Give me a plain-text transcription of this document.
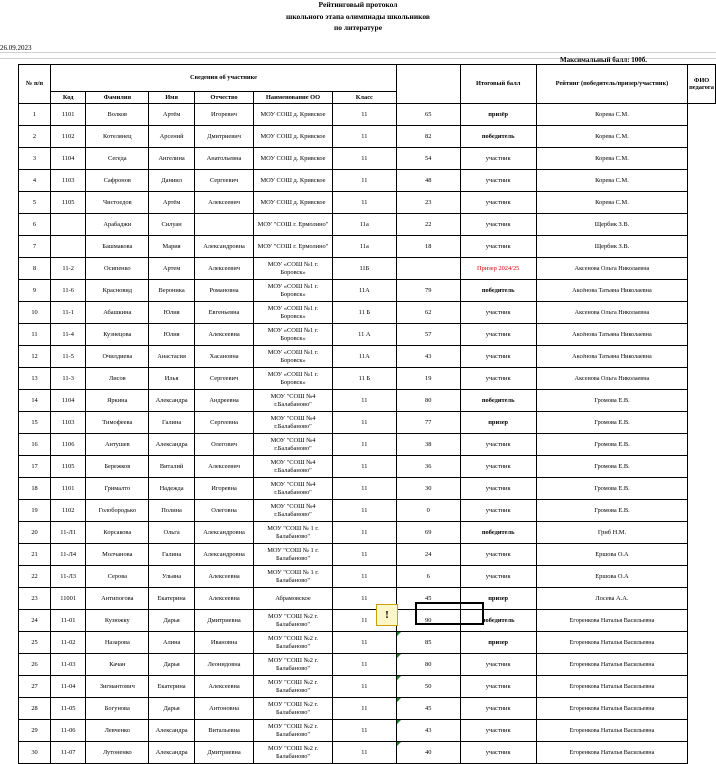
Рейтинговый протокол
школьного этапа олимпиады школьников
по литературе
26.09.2023
Максимальный балл: 100б.
№ п/п	Сведения об участнике							Итоговый балл	Рейтинг (победитель/призер/участник)	ФИО педагога
	Код	Фамилия	Имя	Отчество	Наименование ОО	Класс				
1	1101	Волков	Артём	Игоревич	МОУ СОШ д. Кривское	11	65	призёр	Корева С.М.	
2	1102	Котелянец	Арсений	Дмитриевич	МОУ СОШ д. Кривское	11	82	победитель	Корева С.М.	
3	1104	Сегеда	Ангелина	Анатольевна	МОУ СОШ д. Кривское	11	54	участник	Корева С.М.	
4	1103	Сафронов	Даниил	Сергеевич	МОУ СОШ д. Кривское	11	48	участник	Корева С.М.	
5	1105	Чистоедов	Артём	Алексеевич	МОУ СОШ д. Кривское	11	23	участник	Корева С.М.	
6		Арабаджи	Силуан		МОУ "СОШ г. Ермолино"	11а	22	участник	Щербик З.В.	
7		Башмакова	Мария	Александровна	МОУ "СОШ г. Ермолино"	11а	18	участник	Щербик З.В.	
8	11-2	Осипенко	Артем	Алексеевич	МОУ «СОШ №1 г. Боровск»	11Б		Призер 2024/25	Аксенова Ольга Николаевна	
9	11-6	Красновид	Вероника	Романовна	МОУ «СОШ №1 г. Боровск»	11А	79	победитель	Аксёнова Татьяна Николаевна	
10	11-1	Абашкина	Юлия	Евгеньевна	МОУ «СОШ №1 г. Боровск»	11 Б	62	участник	Аксенова Ольга Николаевна	
11	11-4	Кузнецова	Юлия	Алексеевна	МОУ «СОШ №1 г. Боровск»	11 А	57	участник	Аксёнова Татьяна Николаевна	
12	11-5	Очилдиева	Анастасия	Хасановна	МОУ «СОШ №1 г. Боровск»	11А	43	участник	Аксёнова Татьяна Николаевна	
13	11-3	Лисов	Илья	Сергеевич	МОУ «СОШ №1 г. Боровск»	11 Б	19	участник	Аксенова Ольга Николаевна	
14	1104	Яркина	Александра	Андреевна	МОУ "СОШ №4 г.Балабаново"	11	80	победитель	Громова Е.В.	
15	1103	Тимофеева	Галина	Сергеевна	МОУ "СОШ №4 г.Балабаново"	11	77	призер	Громова Е.В.	
16	1106	Антушев	Александра	Олегович	МОУ "СОШ №4 г.Балабаново"	11	38	участник	Громова Е.В.	
17	1105	Бережков	Виталий	Алексеевич	МОУ "СОШ №4 г.Балабаново"	11	36	участник	Громова Е.В.	
18	1101	Грималто	Надежда	Игоревна	МОУ "СОШ №4 г.Балабаново"	11	30	участник	Громова Е.В.	
19	1102	Голобородько	Полина	Олеговна	МОУ "СОШ №4 г.Балабаново"	11	0	участник	Громова Е.В.	
20	11-Л1	Корсакова	Ольга	Александровна	МОУ "СОШ № 1 г. Балабаново"	11	69	победитель	Гриб Н.М.	
21	11-Л4	Молчанова	Галина	Александровна	МОУ "СОШ № 1 г. Балабаново"	11	24	участник	Ершова О.А	
22	11-Л3	Серова	Ульяна	Алексеевна	МОУ "СОШ № 1 г. Балабаново"	11	6	участник	Ершова О.А	
23	11001	Антипогова	Екатерина	Алексеевна	Абрамовское	11	45	призер	Лосева А.А.	
24	11-01	Кузюжку	Дарья	Дмитриевна	МОУ "СОШ №2 г. Балабаново"	11	90	победитель	Егоренкова Наталья Васильевна	
25	11-02	Назарова	Алина	Ивановна	МОУ "СОШ №2 г. Балабаново"	11	85	призер	Егоренкова Наталья Васильевна	
26	11-03	Качан	Дарья	Леонидовна	МОУ "СОШ №2 г. Балабаново"	11	80	участник	Егоренкова Наталья Васильевна	
27	11-04	Зигмантович	Екатерина	Алексеевна	МОУ "СОШ №2 г. Балабаново"	11	50	участник	Егоренкова Наталья Васильевна	
28	11-05	Богунова	Дарья	Антоновна	МОУ "СОШ №2 г. Балабаново"	11	45	участник	Егоренкова Наталья Васильевна	
29	11-06	Левченко	Александра	Витальевна	МОУ "СОШ №2 г. Балабаново"	11	43	участник	Егоренкова Наталья Васильевна	
30	11-07	Лутоненко	Александра	Дмитриевна	МОУ "СОШ №2 г. Балабаново"	11	40	участник	Егоренкова Наталья Васильевна	
!
